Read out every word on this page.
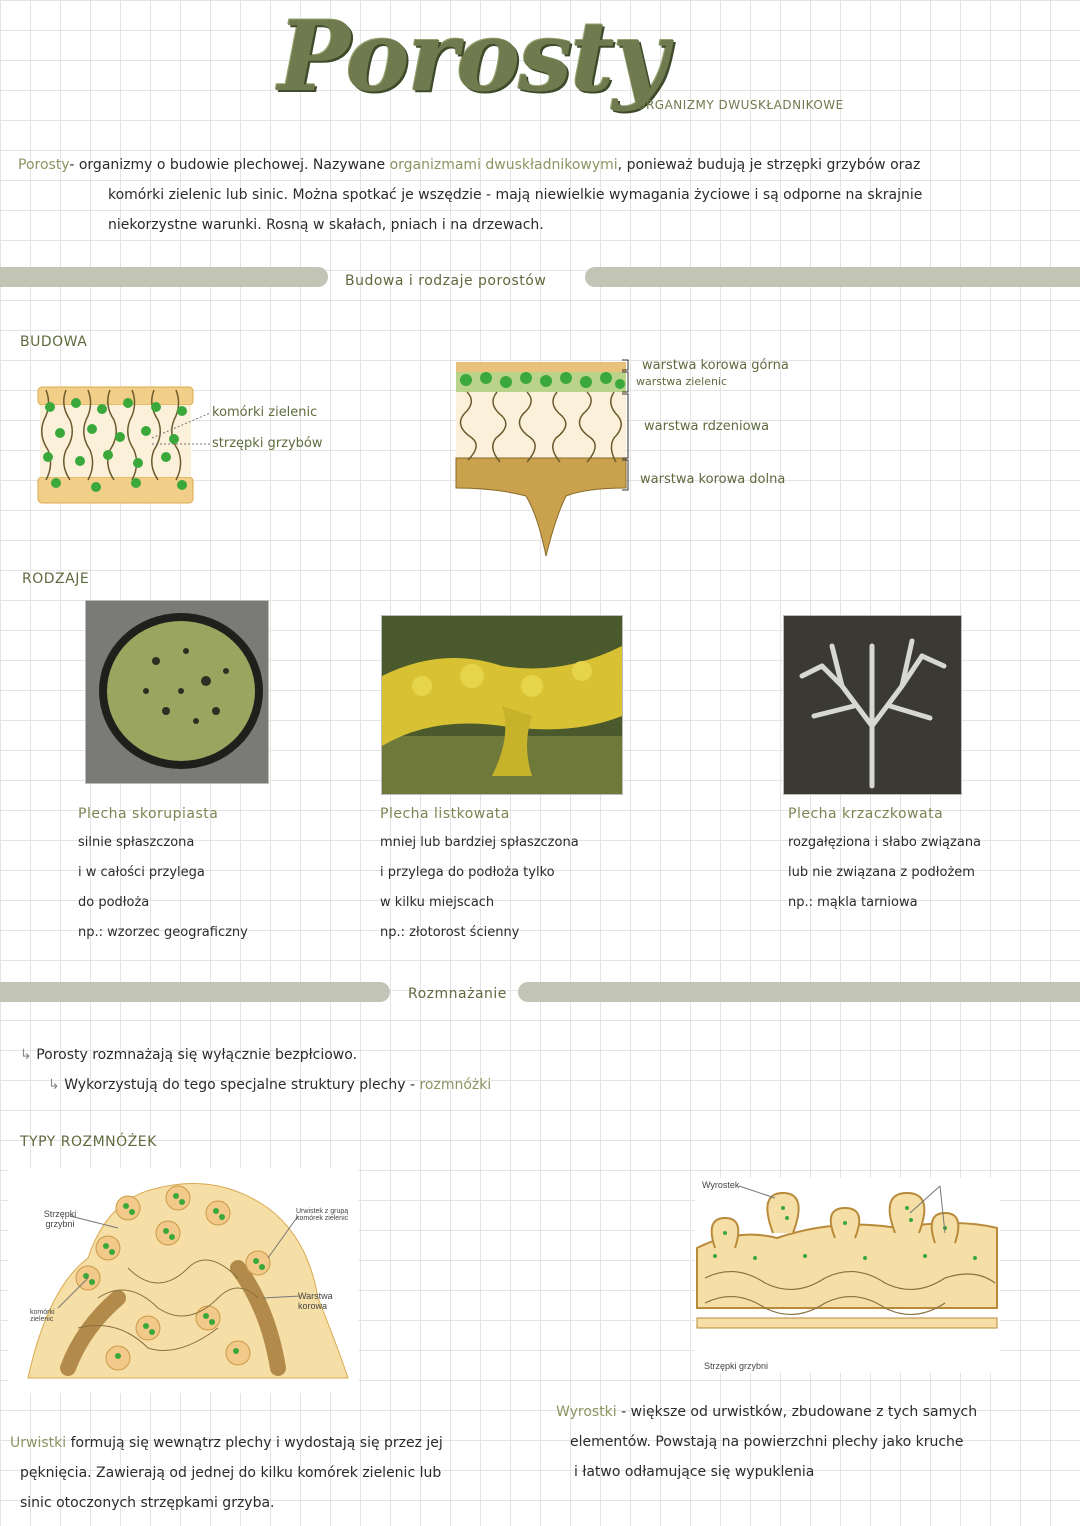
Porosty
ORGANIZMY DWUSKŁADNIKOWE
Porosty- organizmy o budowie plechowej. Nazywane organizmami dwuskładnikowymi, ponieważ budują je strzępki grzybów oraz
komórki zielenic lub sinic. Można spotkać je wszędzie - mają niewielkie wymagania życiowe i są odporne na skrajnie
niekorzystne warunki. Rosną w skałach, pniach i na drzewach.
Budowa i rodzaje porostów
BUDOWA
komórki zielenic
strzępki grzybów
warstwa korowa górna
warstwa zielenic
warstwa rdzeniowa
warstwa korowa dolna
RODZAJE
Plecha skorupiasta
silnie spłaszczona
i w całości przylega
do podłoża
np.: wzorzec geograficzny
Plecha listkowata
mniej lub bardziej spłaszczona
i przylega do podłoża tylko
w kilku miejscach
np.: złotorost ścienny
Plecha krzaczkowata
rozgałęziona i słabo związana
lub nie związana z podłożem
np.: mąkla tarniowa
Rozmnażanie
↳ Porosty rozmnażają się wyłącznie bezpłciowo.
↳ Wykorzystują do tego specjalne struktury plechy - rozmnóżki
TYPY ROZMNÓŻEK
Strzępki grzybni
komórki zielenic
Urwistek z grupą komórek zielenic
Warstwa korowa
Wyrostek
Strzępki grzybni
Wyrostki - większe od urwistków, zbudowane z tych samych
elementów. Powstają na powierzchni plechy jako kruche
i łatwo odłamujące się wypuklenia
Urwistki formują się wewnątrz plechy i wydostają się przez jej
pęknięcia. Zawierają od jednej do kilku komórek zielenic lub
sinic otoczonych strzępkami grzyba.
